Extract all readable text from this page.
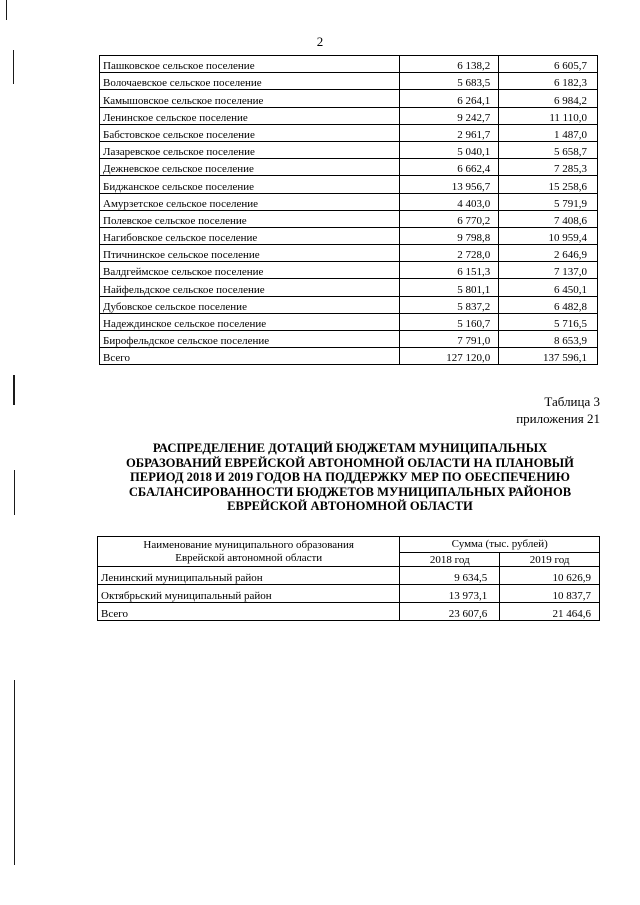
2
Пашковское сельское поселение	6 138,2	6 605,7
Волочаевское сельское поселение	5 683,5	6 182,3
Камышовское сельское поселение	6 264,1	6 984,2
Ленинское сельское поселение	9 242,7	11 110,0
Бабстовское сельское поселение	2 961,7	1 487,0
Лазаревское сельское поселение	5 040,1	5 658,7
Дежневское сельское поселение	6 662,4	7 285,3
Биджанское сельское поселение	13 956,7	15 258,6
Амурзетское сельское поселение	4 403,0	5 791,9
Полевское сельское поселение	6 770,2	7 408,6
Нагибовское сельское поселение	9 798,8	10 959,4
Птичнинское сельское поселение	2 728,0	2 646,9
Валдгеймское сельское поселение	6 151,3	7 137,0
Найфельдское сельское поселение	5 801,1	6 450,1
Дубовское сельское поселение	5 837,2	6 482,8
Надеждинское сельское поселение	5 160,7	5 716,5
Бирофельдское сельское поселение	7 791,0	8 653,9
Всего	127 120,0	137 596,1
Таблица 3
приложения 21
РАСПРЕДЕЛЕНИЕ ДОТАЦИЙ БЮДЖЕТАМ МУНИЦИПАЛЬНЫХ
ОБРАЗОВАНИЙ ЕВРЕЙСКОЙ АВТОНОМНОЙ ОБЛАСТИ НА ПЛАНОВЫЙ
ПЕРИОД 2018 И 2019 ГОДОВ НА ПОДДЕРЖКУ МЕР ПО ОБЕСПЕЧЕНИЮ
СБАЛАНСИРОВАННОСТИ БЮДЖЕТОВ МУНИЦИПАЛЬНЫХ РАЙОНОВ
ЕВРЕЙСКОЙ АВТОНОМНОЙ ОБЛАСТИ
Наименование муниципального образования
Еврейской автономной области	Сумма (тыс. рублей)	
	2018 год	2019 год
Ленинский муниципальный район	9 634,5	10 626,9
Октябрьский муниципальный район	13 973,1	10 837,7
Всего	23 607,6	21 464,6
